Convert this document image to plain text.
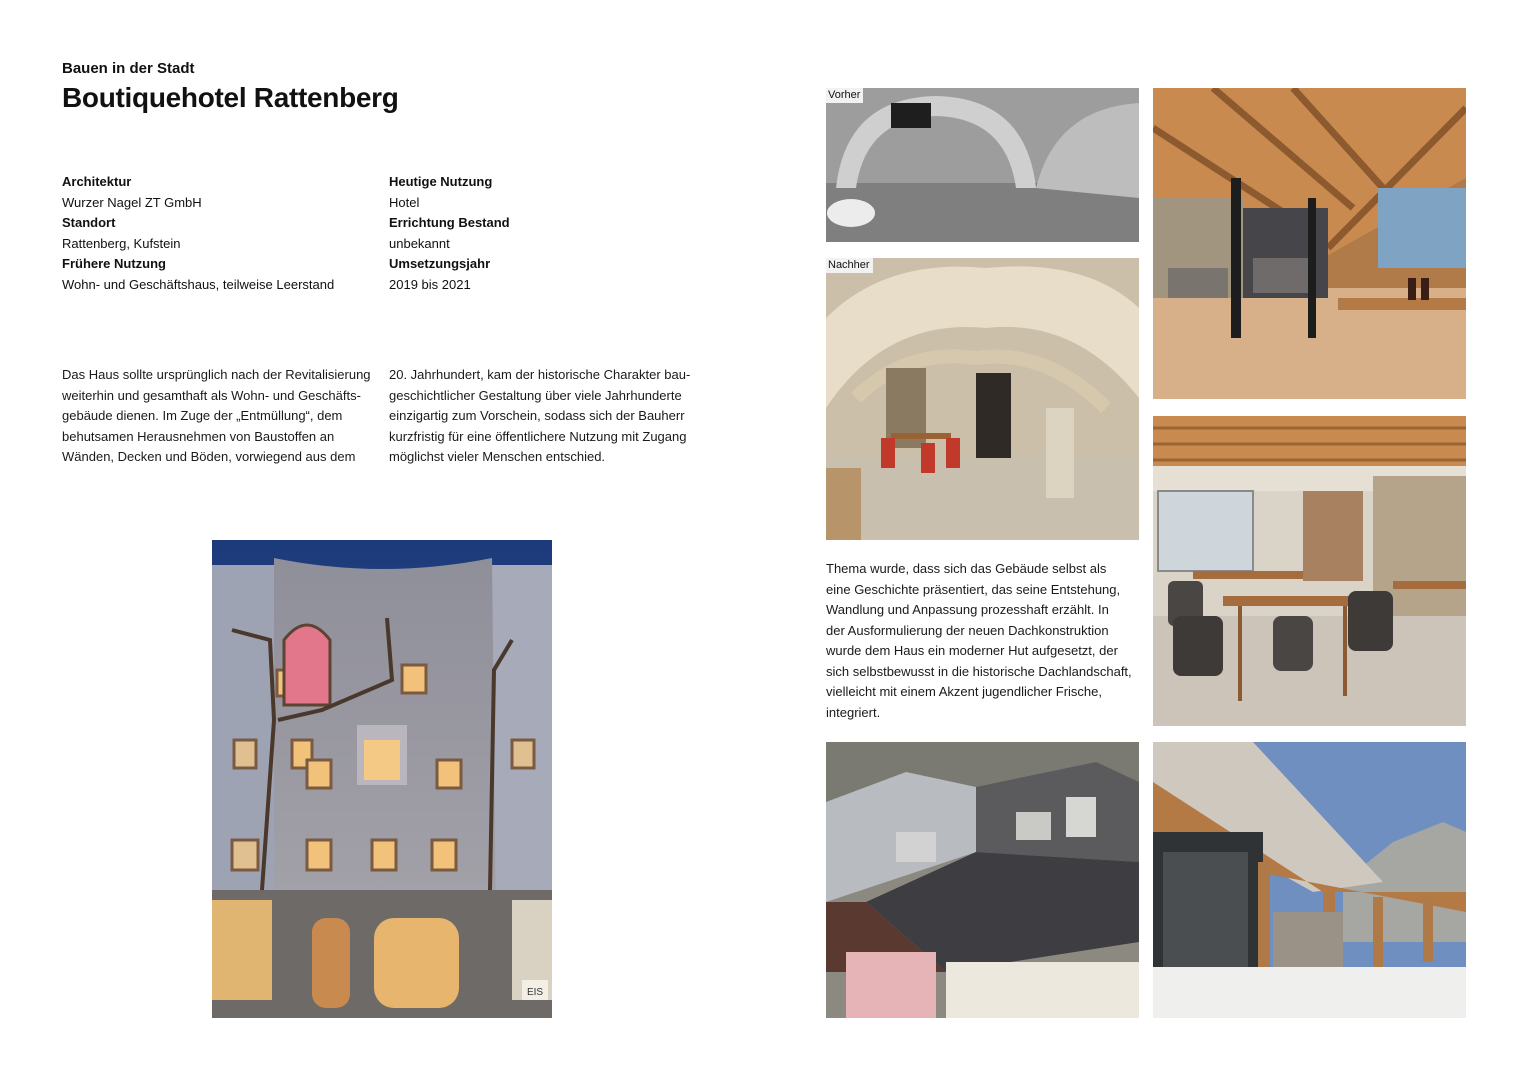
Bauen in der Stadt
Boutiquehotel Rattenberg
Architektur
Wurzer Nagel ZT GmbH
Standort
Rattenberg, Kufstein
Frühere Nutzung
Wohn- und Geschäftshaus, teilweise Leerstand
Heutige Nutzung
Hotel
Errichtung Bestand
unbekannt
Umsetzungsjahr
2019 bis 2021
Das Haus sollte ursprünglich nach der Revitalisierung
weiterhin und gesamthaft als Wohn- und Geschäfts-
gebäude dienen. Im Zuge der „Entmüllung“, dem
behutsamen Herausnehmen von Baustoffen an
Wänden, Decken und Böden, vorwiegend aus dem
20. Jahrhundert, kam der historische Charakter bau-
geschichtlicher Gestaltung über viele Jahrhunderte
einzigartig zum Vorschein, sodass sich der Bauherr
kurzfristig für eine öffentlichere Nutzung mit Zugang
möglichst vieler Menschen entschied.
Thema wurde, dass sich das Gebäude selbst als
eine Geschichte präsentiert, das seine Entstehung,
Wandlung und Anpassung prozesshaft erzählt. In
der Ausformulierung der neuen Dachkonstruktion
wurde dem Haus ein moderner Hut aufgesetzt, der
sich selbstbewusst in die historische Dachlandschaft,
vielleicht mit einem Akzent jugendlicher Frische,
integriert.
EIS
Vorher
Nachher
